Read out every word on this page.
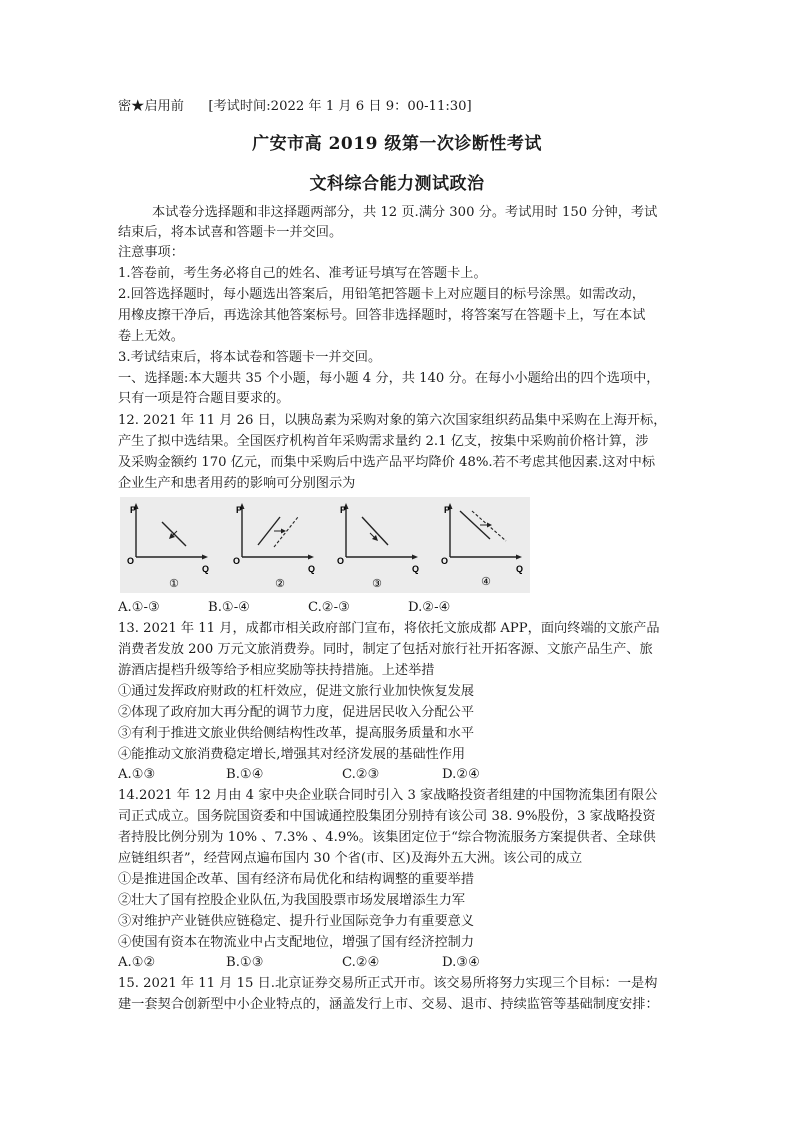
密★启用前 [考试时间:2022 年 1 月 6 日 9：00-11:30]
广安市高 2019 级第一次诊断性考试
文科综合能力测试政治
本试卷分选择题和非这择题两部分，共 12 页.满分 300 分。考试用时 150 分钟，考试
结束后，将本试喜和答题卡一并交回。
注意事项：
1.答卷前，考生务必将自己的姓名、准考证号填写在答题卡上。
2.回答选择题时，每小题选出答案后，用铅笔把答题卡上对应题目的标号涂黑。如需改动，
用橡皮擦干净后，再选涂其他答案标号。回答非选择题时，将答案写在答题卡上，写在本试
卷上无效。
3.考试结束后，将本试卷和答题卡一并交回。
一、选择题:本大题共 35 个小题，每小题 4 分，共 140 分。在每小小题给出的四个选项中，
只有一项是符合题目要求的。
12. 2021 年 11 月 26 日，以胰岛素为采购对象的第六次国家组织药品集中采购在上海开标，
产生了拟中选结果。全国医疗机构首年采购需求量约 2.1 亿支，按集中采购前价格计算，涉
及采购金额约 170 亿元，而集中采购后中选产品平均降价 48%.若不考虑其他因素.这对中标
企业生产和患者用药的影响可分别图示为
P
O
Q
①
P
O
Q
②
P
O
Q
③
P
O
Q
④
A.①-③	B.①-④	C.②-③	D.②-④
13. 2021 年 11 月，成都市相关政府部门宣布，将依托文旅成都 APP，面向终端的文旅产品
消费者发放 200 万元文旅消费券。同时，制定了包括对旅行社开拓客源、文旅产品生产、旅
游酒店提档升级等给予相应奖励等扶持措施。上述举措
①通过发挥政府财政的杠杆效应，促进文旅行业加快恢复发展
②体现了政府加大再分配的调节力度，促进居民收入分配公平
③有利于推进文旅业供给侧结构性改革，提高服务质量和水平
④能推动文旅消费稳定增长,增强其对经济发展的基础性作用
A.①③	B.①④	C.②③	D.②④
14.2021 年 12 月由 4 家中央企业联合同时引入 3 家战略投资者组建的中国物流集团有限公
司正式成立。国务院国资委和中国诚通控股集团分别持有该公司 38. 9%股份，3 家战略投资
者持股比例分别为 10% 、7.3% 、4.9%。该集团定位于“综合物流服务方案提供者、全球供
应链组织者”，经营网点遍布国内 30 个省(市、区)及海外五大洲。该公司的成立
①是推进国企改革、国有经济布局优化和结构调整的重要举措
②壮大了国有控股企业队伍,为我国股票市场发展增添生力军
③对维护产业链供应链稳定、提升行业国际竞争力有重要意义
④使国有资本在物流业中占支配地位，增强了国有经济控制力
A.①②	B.①③	C.②④	D.③④
15. 2021 年 11 月 15 日.北京证券交易所正式开市。该交易所将努力实现三个目标：一是构
建一套契合创新型中小企业特点的，涵盖发行上市、交易、退市、持续监管等基础制度安排：
